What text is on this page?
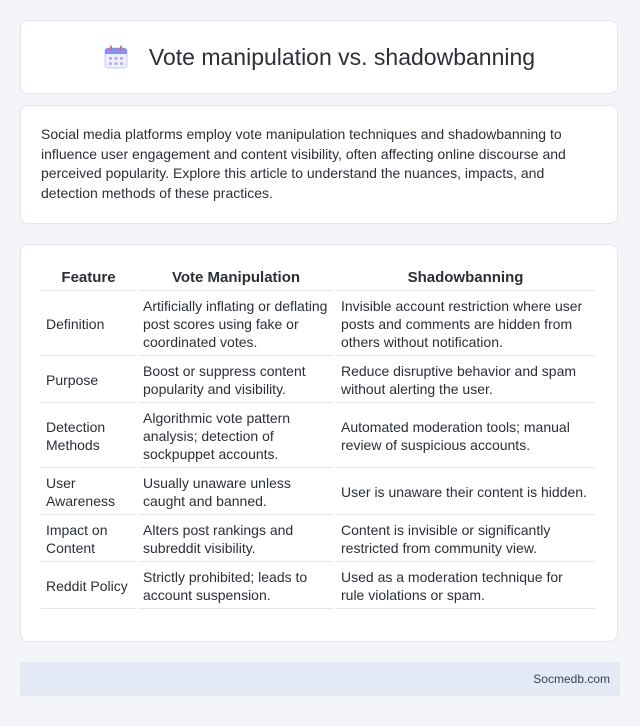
Vote manipulation vs. shadowbanning

Social media platforms employ vote manipulation techniques and shadowbanning to influence user engagement and content visibility, often affecting online discourse and perceived popularity. Explore this article to understand the nuances, impacts, and detection methods of these practices.

Feature	Vote Manipulation	Shadowbanning
Definition	Artificially inflating or deflating post scores using fake or coordinated votes.	Invisible account restriction where user posts and comments are hidden from others without notification.
Purpose	Boost or suppress content popularity and visibility.	Reduce disruptive behavior and spam without alerting the user.
Detection Methods	Algorithmic vote pattern analysis; detection of sockpuppet accounts.	Automated moderation tools; manual review of suspicious accounts.
User Awareness	Usually unaware unless caught and banned.	User is unaware their content is hidden.
Impact on Content	Alters post rankings and subreddit visibility.	Content is invisible or significantly restricted from community view.
Reddit Policy	Strictly prohibited; leads to account suspension.	Used as a moderation technique for rule violations or spam.
Socmedb.com
